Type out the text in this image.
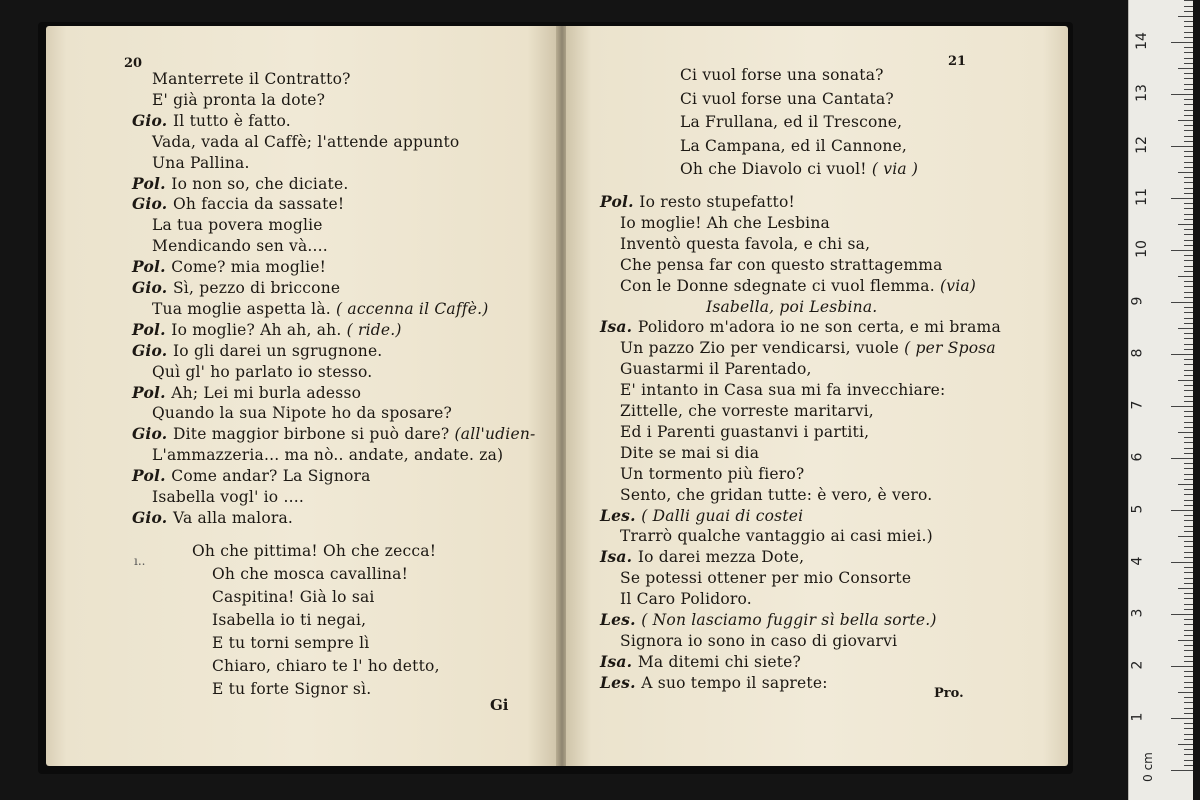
20
Manterrete il Contratto?
E' già pronta la dote?
Gio. Il tutto è fatto.
Vada, vada al Caffè; l'attende appunto
Una Pallina.
Pol. Io non so, che diciate.
Gio. Oh faccia da sassate!
La tua povera moglie
Mendicando sen và....
Pol. Come? mia moglie!
Gio. Sì, pezzo di briccone
Tua moglie aspetta là. ( accenna il Caffè.)
Pol. Io moglie? Ah ah, ah. ( ride.)
Gio. Io gli darei un sgrugnone.
Quì gl' ho parlato io stesso.
Pol. Ah; Lei mi burla adesso
Quando la sua Nipote ho da sposare?
Gio. Dite maggior birbone si può dare? (all'udien-
L'ammazzeria... ma nò.. andate, andate. za)
Pol. Come andar? La Signora
Isabella vogl' io ....
Gio. Va alla malora.
Oh che pittima! Oh che zecca!
Oh che mosca cavallina!
Caspitina! Già lo sai
Isabella io ti negai,
E tu torni sempre lì
Chiaro, chiaro te l' ho detto,
E tu forte Signor sì.
ı..
Gi
21
Ci vuol forse una sonata?
Ci vuol forse una Cantata?
La Frullana, ed il Trescone,
La Campana, ed il Cannone,
Oh che Diavolo ci vuol! ( via )
Pol. Io resto stupefatto!
Io moglie! Ah che Lesbina
Inventò questa favola, e chi sa,
Che pensa far con questo strattagemma
Con le Donne sdegnate ci vuol flemma. (via)
Isabella, poi Lesbina.
Isa. Polidoro m'adora io ne son certa, e mi brama
Un pazzo Zio per vendicarsi, vuole ( per Sposa
Guastarmi il Parentado,
E' intanto in Casa sua mi fa invecchiare:
Zittelle, che vorreste maritarvi,
Ed i Parenti guastanvi i partiti,
Dite se mai si dia
Un tormento più fiero?
Sento, che gridan tutte: è vero, è vero.
Les. ( Dalli guai di costei
Trarrò qualche vantaggio ai casi miei.)
Isa. Io darei mezza Dote,
Se potessi ottener per mio Consorte
Il Caro Polidoro.
Les. ( Non lasciamo fuggir sì bella sorte.)
Signora io sono in caso di giovarvi
Isa. Ma ditemi chi siete?
Les. A suo tempo il saprete:
Pro.
0 cm
1
2
3
4
5
6
7
8
9
10
11
12
13
14
